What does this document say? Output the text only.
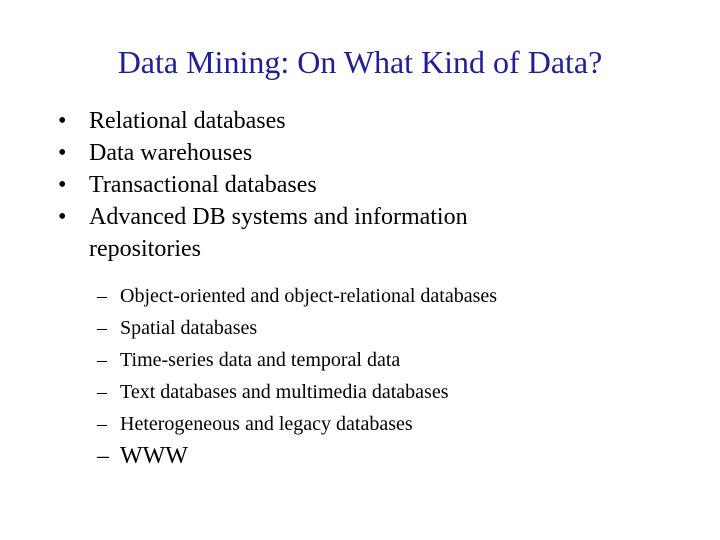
Data Mining: On What Kind of Data?
• Relational databases
• Data warehouses
• Transactional databases
• Advanced DB systems and information
repositories
– Object-oriented and object-relational databases
– Spatial databases
– Time-series data and temporal data
– Text databases and multimedia databases
– Heterogeneous and legacy databases
– WWW
